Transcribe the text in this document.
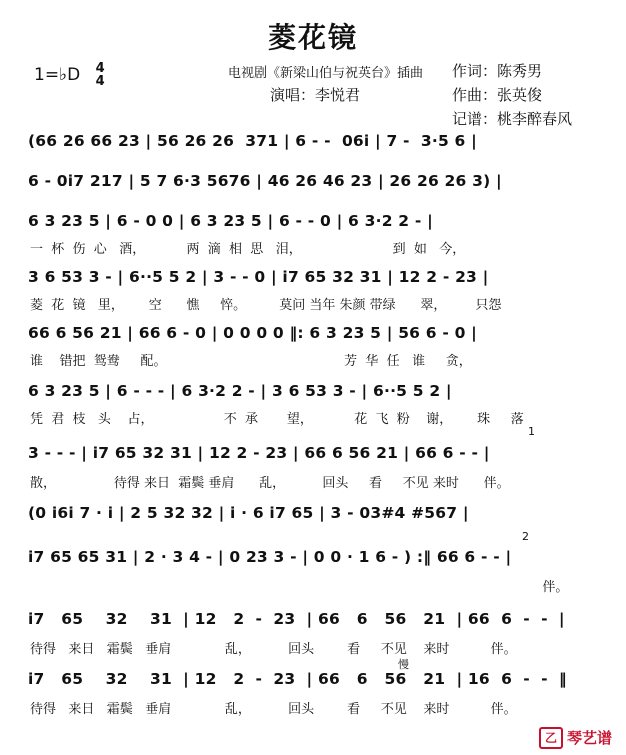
菱花镜
1=♭D 4
4
电视剧《新梁山伯与祝英台》插曲 作词：陈秀男
演唱：李悦君	作曲：张英俊
记谱：桃李醉春风
(66 26 66 23 | 56 26 26  371 | 6 - -  06i | 7 -  3·5 6 |
6 - 0i7 217 | 5 7 6·3 5676 | 46 26 46 23 | 26 26 26 3) |
6 3 23 5 | 6 - 0 0 | 6 3 23 5 | 6 - - 0 | 6 3·2 2 - |
一  杯  伤  心   酒，          两  滴  相  思   泪，                      到  如   今，
3 6 53 3 - | 6··5 5 2 | 3 - - 0 | i7 65 32 31 | 12 2 - 23 |
菱  花  镜   里，      空      憔     悴。        莫问 当年 朱颜 带绿      翠，       只怨
66 6 56 21 | 66 6 - 0 | 0 0 0 0 ‖: 6 3 23 5 | 56 6 - 0 |
谁    错把  鸳鸯     配。                                           芳  华  任   谁     贪，
6 3 23 5 | 6 - - - | 6 3·2 2 - | 3 6 53 3 - | 6··5 5 2 |
凭  君  枝   头    占，                 不  承       望，          花  飞  粉    谢，      珠     落
1
3 - - - | i7 65 32 31 | 12 2 - 23 | 66 6 56 21 | 66 6 - - |
散，              待得 来日  霜鬓 垂肩      乱，         回头     看     不见 来时      伴。
(0 i6i 7 · i | 2 5 32 32 | i · 6 i7 65 | 3 - 03#4 #567 |
2
i7 65 65 31 | 2 · 3 4 - | 0 23 3 - | 0 0 · 1 6 - ) :‖ 66 6 - - |
伴。
i7   65    32    31  | 12   2  -  23  | 66   6   56   21  | 66  6  -  -  |
待得   来日   霜鬓   垂肩             乱，         回头        看     不见    来时          伴。
慢
i7   65    32    31  | 12   2  -  23  | 66   6   56   21  | 16  6  -  -  ‖
待得   来日   霜鬓   垂肩             乱，         回头        看     不见    来时          伴。
乙 琴艺谱
